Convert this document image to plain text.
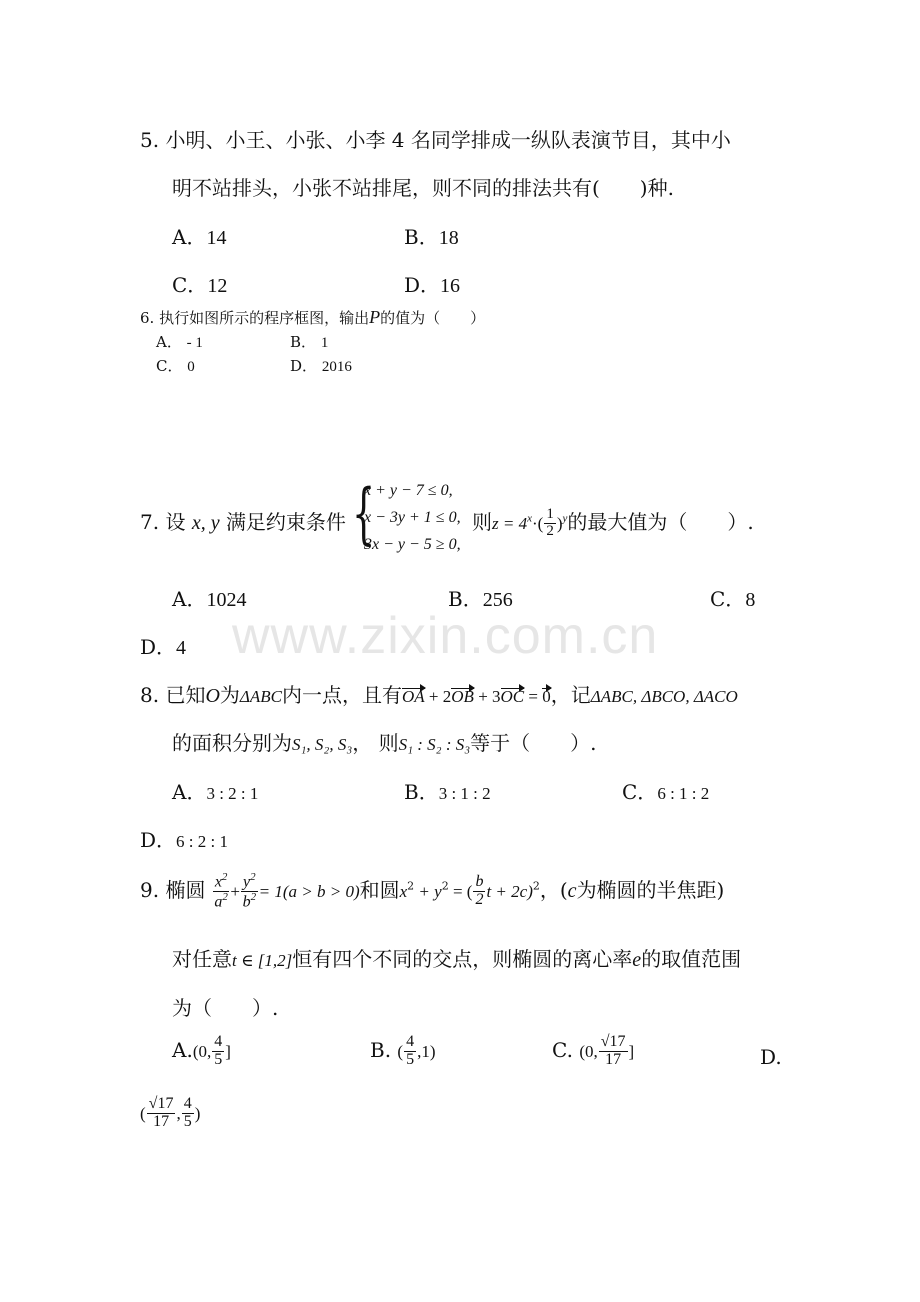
www.zixin.com.cn
5. 小明、小王、小张、小李 4 名同学排成一纵队表演节目，其中小
明不站排头，小张不站排尾，则不同的排法共有(　　)种.
A．14	B．18
C．12	D．16
6. 执行如图所示的程序框图，输出P的值为（　　）
A． - 1	B． 1
C． 0	D． 2016
7. 设 x, y 满足约束条件 {
x + y − 7 ≤ 0,
x − 3y + 1 ≤ 0,
3x − y − 5 ≥ 0,
则$z = 4^x\cdot( \frac{1}{2} )^y$的最大值为（　　）.
A．1024	B．256	C．8
D．4
8. 已知O为ΔABC内一点，且有OA + 2OB + 3OC = 0，记ΔABC, ΔBCO, ΔACO
的面积分别为S₁, S₂, S₃， 则S₁ : S₂ : S₃等于（　　）.
A．3 : 2 : 1	B．3 : 1 : 2	C．6 : 1 : 2
D．6 : 2 : 1
9. 椭圆 $\frac{x^2}{a^2} + \frac{y^2}{b^2} = 1(a > b > 0)$和圆$x^2 + y^2$ = ( $\frac{b}{2}$ t + 2c)$^2$，(c为椭圆的半焦距)
对任意t ∈ [1,2]恒有四个不同的交点，则椭圆的离心率e的取值范围
为（　　）.
A.(0, $\frac{4}{5}$ ]	B. ( $\frac{4}{5} ,1$)	C. (0, $\frac{√17}{17}$ ]	D.
( $\frac{√17}{17}$ , $\frac{4}{5}$ )
